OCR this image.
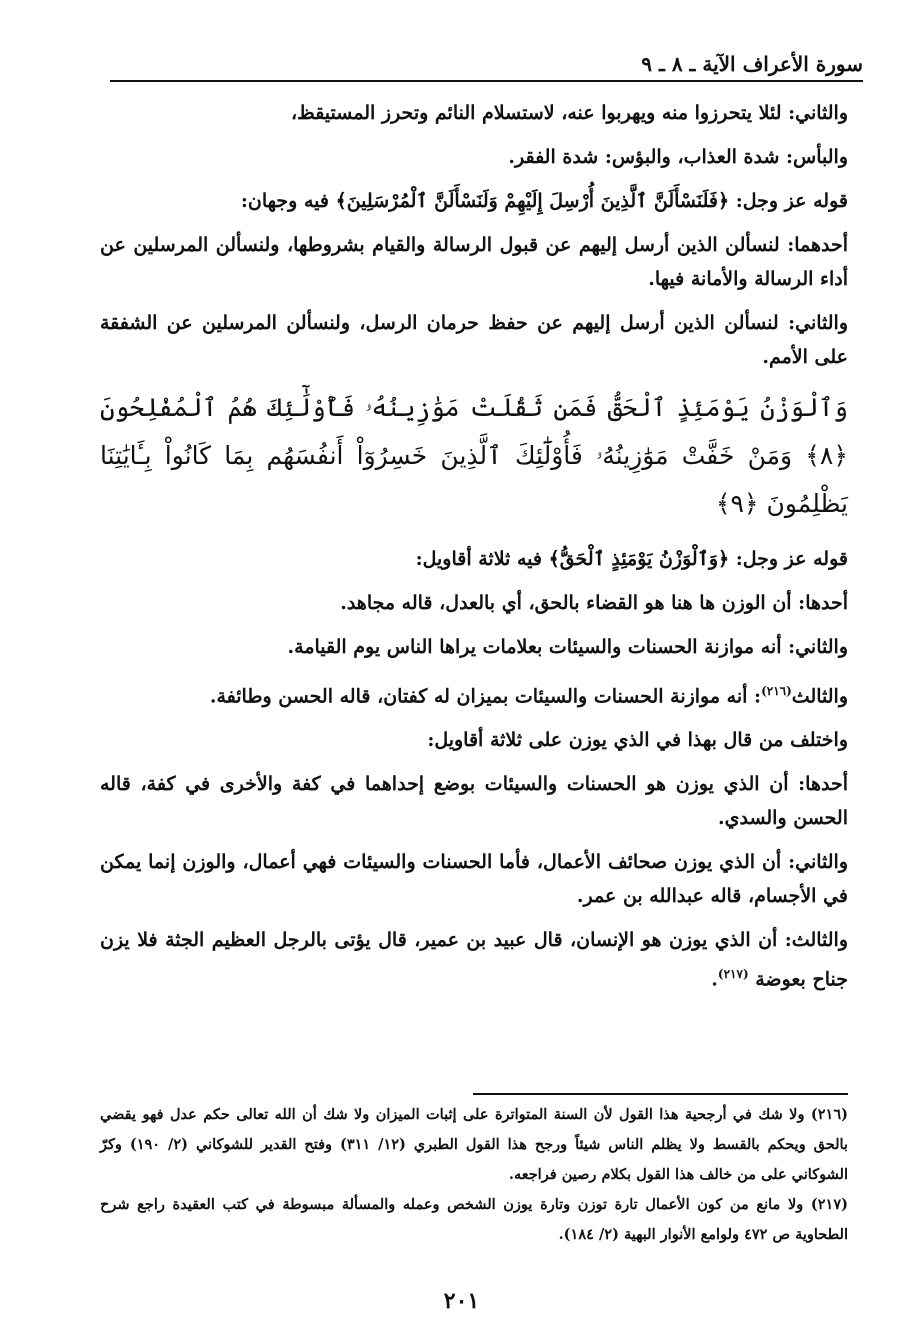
سورة الأعراف الآية ـ ٨ ـ ٩

والثاني: لئلا يتحرزوا منه ويهربوا عنه، لاستسلام النائم وتحرز المستيقظ،

والبأس: شدة العذاب، والبؤس: شدة الفقر.

قوله عز وجل: ﴿فَلَنَسْأَلَنَّ ٱلَّذِينَ أُرْسِلَ إِلَيْهِمْ وَلَنَسْأَلَنَّ ٱلْمُرْسَلِينَ﴾ فيه وجهان:

أحدهما: لنسألن الذين أرسل إليهم عن قبول الرسالة والقيام بشروطها، ولنسألن المرسلين عن أداء الرسالة والأمانة فيها.

والثاني: لنسألن الذين أرسل إليهم عن حفظ حرمان الرسل، ولنسألن المرسلين عن الشفقة على الأمم.

وَٱلْوَزْنُ يَوْمَئِذٍ ٱلْحَقُّ فَمَن ثَقُلَتْ مَوَٰزِينُهُۥ فَأُوْلَٰٓئِكَ هُمُ ٱلْمُفْلِحُونَ ﴿٨﴾ وَمَنْ خَفَّتْ مَوَٰزِينُهُۥ فَأُوْلَٰٓئِكَ ٱلَّذِينَ خَسِرُوٓاْ أَنفُسَهُم بِمَا كَانُواْ بِـَٔايَٰتِنَا يَظْلِمُونَ ﴿٩﴾

قوله عز وجل: ﴿وَٱلْوَزْنُ يَوْمَئِذٍ ٱلْحَقُّ﴾ فيه ثلاثة أقاويل:

أحدها: أن الوزن ها هنا هو القضاء بالحق، أي بالعدل، قاله مجاهد.

والثاني: أنه موازنة الحسنات والسيئات بعلامات يراها الناس يوم القيامة.

والثالث$^{(٢١٦)}$: أنه موازنة الحسنات والسيئات بميزان له كفتان، قاله الحسن وطائفة.

واختلف من قال بهذا في الذي يوزن على ثلاثة أقاويل:

أحدها: أن الذي يوزن هو الحسنات والسيئات بوضع إحداهما في كفة والأخرى في كفة، قاله الحسن والسدي.

والثاني: أن الذي يوزن صحائف الأعمال، فأما الحسنات والسيئات فهي أعمال، والوزن إنما يمكن في الأجسام، قاله عبدالله بن عمر.

والثالث: أن الذي يوزن هو الإنسان، قال عبيد بن عمير، قال يؤتى بالرجل العظيم الجثة فلا يزن جناح بعوضة $^{(٢١٧)}$.

(٢١٦) ولا شك في أرجحية هذا القول لأن السنة المتواترة على إثبات الميزان ولا شك أن الله تعالى حكم عدل فهو يقضي بالحق ويحكم بالقسط ولا يظلم الناس شيئاً ورجح هذا القول الطبري (١٢/ ٣١١) وفتح القدير للشوكاني (٢/ ١٩٠) وكرّ الشوكاني على من خالف هذا القول بكلام رصين فراجعه.

(٢١٧) ولا مانع من كون الأعمال تارة توزن وتارة يوزن الشخص وعمله والمسألة مبسوطة في كتب العقيدة راجع شرح الطحاوية ص ٤٧٢ ولوامع الأنوار البهية (٢/ ١٨٤).

٢٠١
